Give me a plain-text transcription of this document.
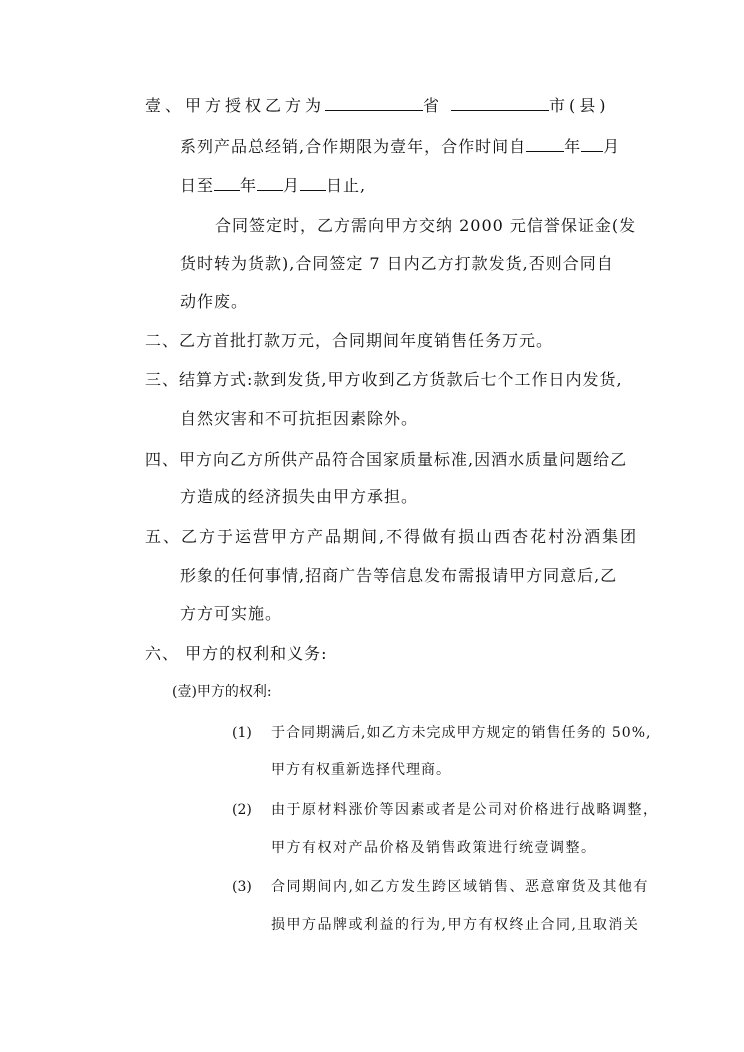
壹、甲方授权乙方为	省	市(县)
系列产品总经销,合作期限为壹年，合作时间自 年 月
日至 年 月 日止,
合同签定时，乙方需向甲方交纳 2000 元信誉保证金(发
货时转为货款),合同签定 7 日内乙方打款发货,否则合同自
动作废。
二、乙方首批打款万元，合同期间年度销售任务万元。
三、结算方式:款到发货,甲方收到乙方货款后七个工作日内发货,
自然灾害和不可抗拒因素除外。
四、甲方向乙方所供产品符合国家质量标准,因酒水质量问题给乙
方造成的经济损失由甲方承担。
五、乙方于运营甲方产品期间,不得做有损山西杏花村汾酒集团
形象的任何事情,招商广告等信息发布需报请甲方同意后,乙
方方可实施。
六、 甲方的权利和义务:
(壹)甲方的权利:
(1) 于合同期满后,如乙方未完成甲方规定的销售任务的 50%,
甲方有权重新选择代理商。
(2) 由于原材料涨价等因素或者是公司对价格进行战略调整，
甲方有权对产品价格及销售政策进行统壹调整。
(3) 合同期间内,如乙方发生跨区域销售、恶意窜货及其他有
损甲方品牌或利益的行为,甲方有权终止合同,且取消关
